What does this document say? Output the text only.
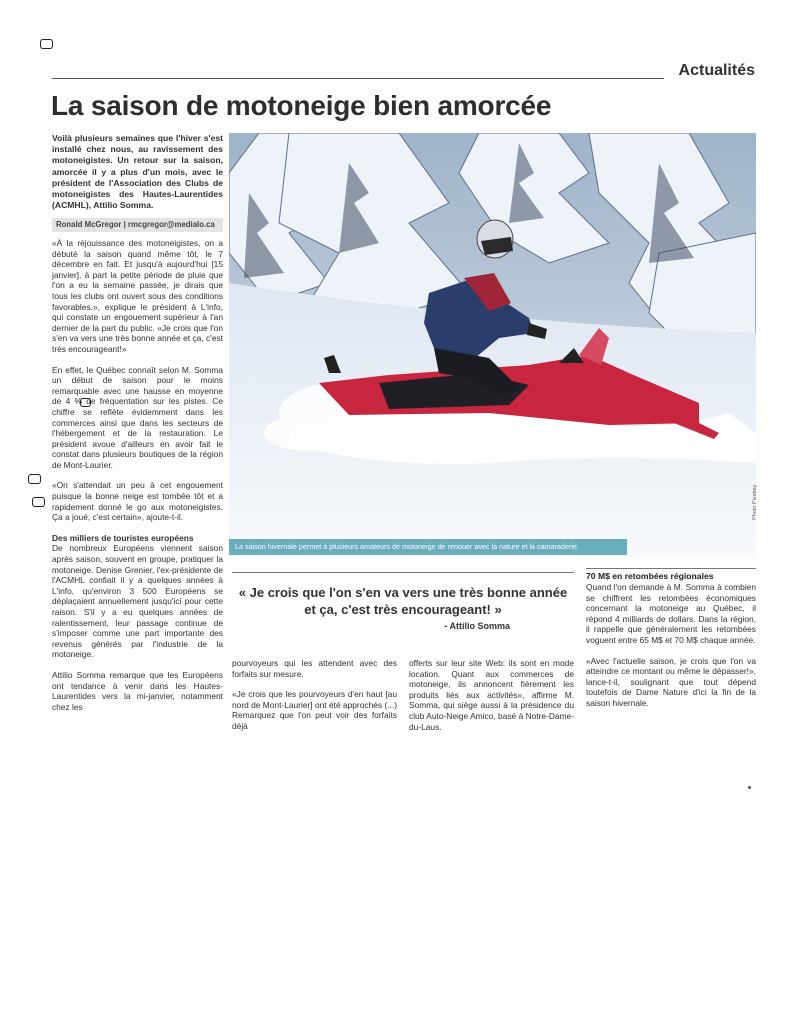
Actualités
La saison de motoneige bien amorcée
Voilà plusieurs semaines que l'hiver s'est installé chez nous, au ravissement des motoneigistes. Un retour sur la saison, amorcée il y a plus d'un mois, avec le président de l'Association des Clubs de motoneigistes des Hautes-Laurentides (ACMHL), Attilio Somma.
Ronald McGregor | rmcgregor@medialo.ca

«À la réjouissance des motoneigistes, on a débuté la saison quand même tôt, le 7 décembre en fait. Et jusqu'à aujourd'hui [15 janvier], à part la petite période de pluie que l'on a eu la semaine passée, je dirais que tous les clubs ont ouvert sous des conditions favorables.», explique le président à L'info, qui constate un engouement supérieur à l'an dernier de la part du public. «Je crois que l'on s'en va vers une très bonne année et ça, c'est très encourageant!»

En effet, le Québec connaît selon M. Somma un début de saison pour le moins remarquable avec une hausse en moyenne de 4 % de fréquentation sur les pistes. Ce chiffre se reflète évidemment dans les commerces ainsi que dans les secteurs de l'hébergement et de la restauration. Le président avoue d'ailleurs en avoir fait le constat dans plusieurs boutiques de la région de Mont-Laurier.

«On s'attendait un peu à cet engouement puisque la bonne neige est tombée tôt et a rapidement donné le go aux motoneigistes. Ça a joué, c'est certain», ajoute-t-il.

Des milliers de touristes européens

De nombreux Européens viennent saison après saison, souvent en groupe, pratiquer la motoneige. Denise Grenier, l'ex-présidente de l'ACMHL confiait il y a quelques années à L'info, qu'environ 3 500 Européens se déplaçaient annuellement jusqu'ici pour cette raison. S'il y a eu quelques années de ralentissement, leur passage continue de s'imposer comme une part importante des revenus générés par l'industrie de la motoneige.

Attilio Somma remarque que les Européens ont tendance à venir dans les Hautes-Laurentides vers la mi-janvier, notamment chez les

La saison hivernale permet à plusieurs amateurs de motoneige de renouer avec la nature et la camaraderie.
Photo Pixabay
« Je crois que l'on s'en va vers une très bonne année et ça, c'est très encourageant! »
- Attilio Somma

pourvoyeurs qui les attendent avec des forfaits sur mesure.

«Je crois que les pourvoyeurs d'en haut [au nord de Mont-Laurier] ont été approchés (...) Remarquez que l'on peut voir des forfaits déjà

offerts sur leur site Web: ils sont en mode location. Quant aux commerces de motoneige, ils annoncent fièrement les produits liés aux activités», affirme M. Somma, qui siège aussi à la présidence du club Auto-Neige Amico, basé à Notre-Dame-du-Laus.

70 M$ en retombées régionales

Quand l'on demande à M. Somma à combien se chiffrent les retombées économiques concernant la motoneige au Québec, il répond 4 milliards de dollars. Dans la région, il rappelle que généralement les retombées voguent entre 65 M$ et 70 M$ chaque année.

«Avec l'actuelle saison, je crois que l'on va atteindre ce montant ou même le dépasser!», lance-t-il, soulignant que tout dépend toutefois de Dame Nature d'ici la fin de la saison hivernale.
